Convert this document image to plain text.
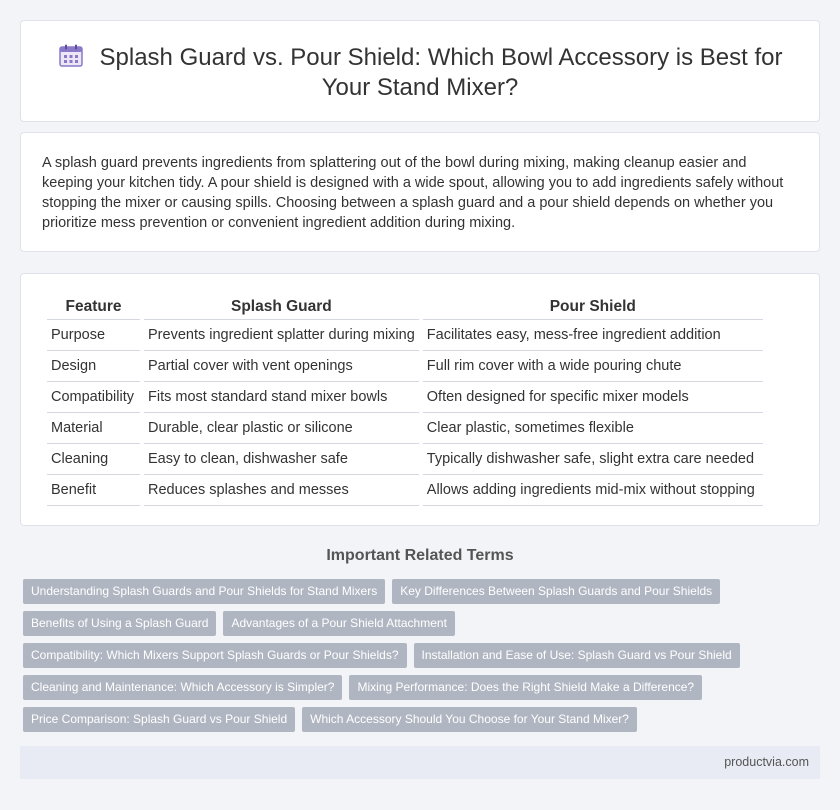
Splash Guard vs. Pour Shield: Which Bowl Accessory is Best for Your Stand Mixer?

A splash guard prevents ingredients from splattering out of the bowl during mixing, making cleanup easier and keeping your kitchen tidy. A pour shield is designed with a wide spout, allowing you to add ingredients safely without stopping the mixer or causing spills. Choosing between a splash guard and a pour shield depends on whether you prioritize mess prevention or convenient ingredient addition during mixing.

Feature	Splash Guard	Pour Shield
Purpose	Prevents ingredient splatter during mixing	Facilitates easy, mess-free ingredient addition
Design	Partial cover with vent openings	Full rim cover with a wide pouring chute
Compatibility	Fits most standard stand mixer bowls	Often designed for specific mixer models
Material	Durable, clear plastic or silicone	Clear plastic, sometimes flexible
Cleaning	Easy to clean, dishwasher safe	Typically dishwasher safe, slight extra care needed
Benefit	Reduces splashes and messes	Allows adding ingredients mid-mix without stopping
Important Related Terms
Understanding Splash Guards and Pour Shields for Stand Mixers	Key Differences Between Splash Guards and Pour Shields
Benefits of Using a Splash Guard	Advantages of a Pour Shield Attachment
Compatibility: Which Mixers Support Splash Guards or Pour Shields?	Installation and Ease of Use: Splash Guard vs Pour Shield
Cleaning and Maintenance: Which Accessory is Simpler?	Mixing Performance: Does the Right Shield Make a Difference?
Price Comparison: Splash Guard vs Pour Shield	Which Accessory Should You Choose for Your Stand Mixer?
productvia.com
